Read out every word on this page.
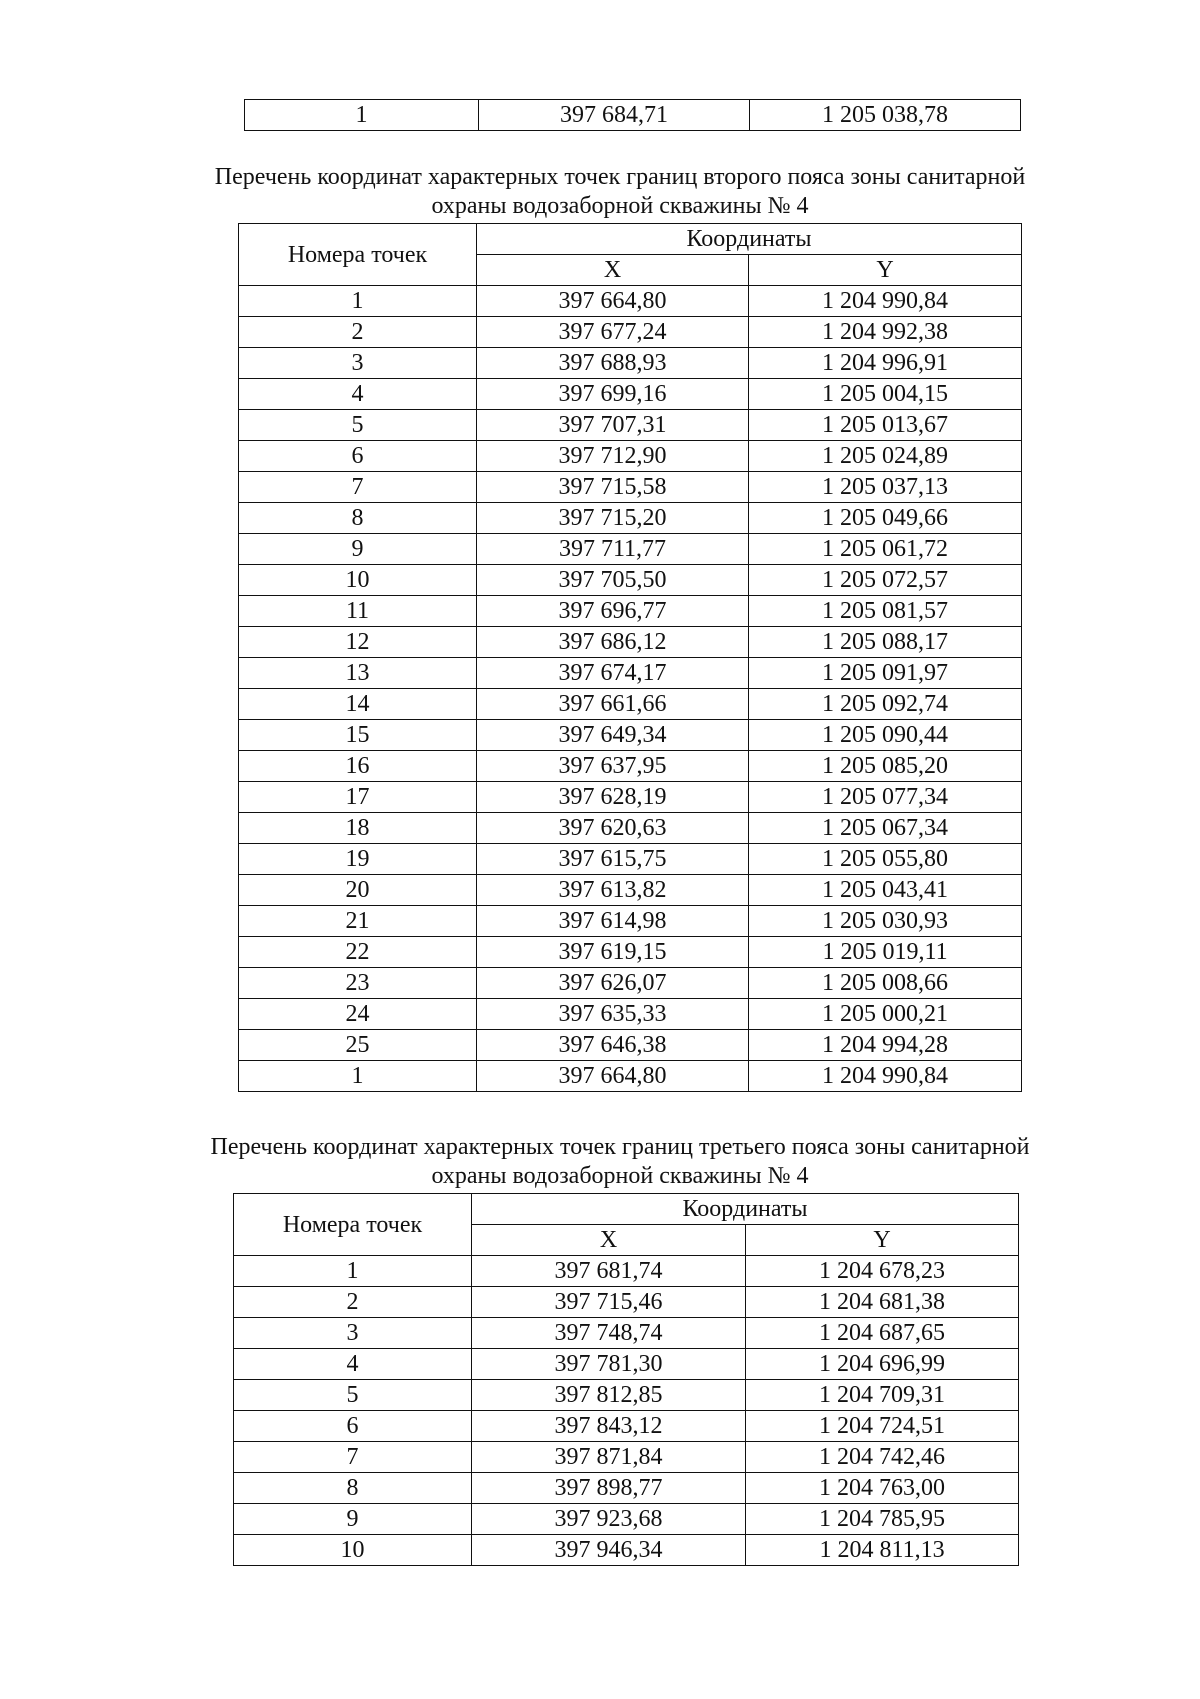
1	397 684,71	1 205 038,78
Перечень координат характерных точек границ второго пояса зоны санитарной
охраны водозаборной скважины № 4
Номера точек	Координаты	
	X	Y
1	397 664,80	1 204 990,84
2	397 677,24	1 204 992,38
3	397 688,93	1 204 996,91
4	397 699,16	1 205 004,15
5	397 707,31	1 205 013,67
6	397 712,90	1 205 024,89
7	397 715,58	1 205 037,13
8	397 715,20	1 205 049,66
9	397 711,77	1 205 061,72
10	397 705,50	1 205 072,57
11	397 696,77	1 205 081,57
12	397 686,12	1 205 088,17
13	397 674,17	1 205 091,97
14	397 661,66	1 205 092,74
15	397 649,34	1 205 090,44
16	397 637,95	1 205 085,20
17	397 628,19	1 205 077,34
18	397 620,63	1 205 067,34
19	397 615,75	1 205 055,80
20	397 613,82	1 205 043,41
21	397 614,98	1 205 030,93
22	397 619,15	1 205 019,11
23	397 626,07	1 205 008,66
24	397 635,33	1 205 000,21
25	397 646,38	1 204 994,28
1	397 664,80	1 204 990,84
Перечень координат характерных точек границ третьего пояса зоны санитарной
охраны водозаборной скважины № 4
Номера точек	Координаты	
	X	Y
1	397 681,74	1 204 678,23
2	397 715,46	1 204 681,38
3	397 748,74	1 204 687,65
4	397 781,30	1 204 696,99
5	397 812,85	1 204 709,31
6	397 843,12	1 204 724,51
7	397 871,84	1 204 742,46
8	397 898,77	1 204 763,00
9	397 923,68	1 204 785,95
10	397 946,34	1 204 811,13
